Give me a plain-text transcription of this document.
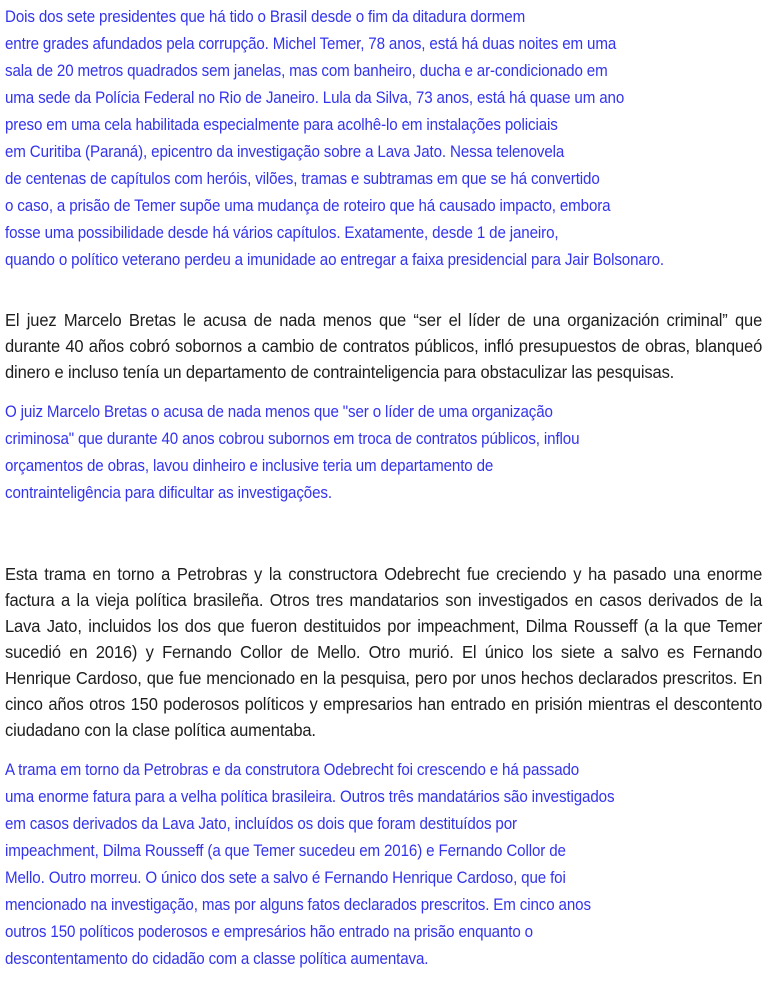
Dois dos sete presidentes que há tido o Brasil desde o fim da ditadura dormem
entre grades afundados pela corrupção. Michel Temer, 78 anos, está há duas noites em uma
sala de 20 metros quadrados sem janelas, mas com banheiro, ducha e ar-condicionado em
uma sede da Polícia Federal no Rio de Janeiro. Lula da Silva, 73 anos, está há quase um ano
preso em uma cela habilitada especialmente para acolhê-lo em instalações policiais
em Curitiba (Paraná), epicentro da investigação sobre a Lava Jato. Nessa telenovela
de centenas de capítulos com heróis, vilões, tramas e subtramas em que se há convertido
o caso, a prisão de Temer supõe uma mudança de roteiro que há causado impacto, embora
fosse uma possibilidade desde há vários capítulos. Exatamente, desde 1 de janeiro,
quando o político veterano perdeu a imunidade ao entregar a faixa presidencial para Jair Bolsonaro.

El juez Marcelo Bretas le acusa de nada menos que “ser el líder de una organización criminal” que durante 40 años cobró sobornos a cambio de contratos públicos, infló presupuestos de obras, blanqueó dinero e incluso tenía un departamento de contrainteligencia para obstaculizar las pesquisas.

O juiz Marcelo Bretas o acusa de nada menos que "ser o líder de uma organização
criminosa" que durante 40 anos cobrou subornos em troca de contratos públicos, inflou
orçamentos de obras, lavou dinheiro e inclusive teria um departamento de
contrainteligência para dificultar as investigações.

Esta trama en torno a Petrobras y la constructora Odebrecht fue creciendo y ha pasado una enorme factura a la vieja política brasileña. Otros tres mandatarios son investigados en casos derivados de la Lava Jato, incluidos los dos que fueron destituidos por impeachment, Dilma Rousseff (a la que Temer sucedió en 2016) y Fernando Collor de Mello. Otro murió. El único los siete a salvo es Fernando Henrique Cardoso, que fue mencionado en la pesquisa, pero por unos hechos declarados prescritos. En cinco años otros 150 poderosos políticos y empresarios han entrado en prisión mientras el descontento ciudadano con la clase política aumentaba.

A trama em torno da Petrobras e da construtora Odebrecht foi crescendo e há passado
uma enorme fatura para a velha política brasileira. Outros três mandatários são investigados
em casos derivados da Lava Jato, incluídos os dois que foram destituídos por
impeachment, Dilma Rousseff (a que Temer sucedeu em 2016) e Fernando Collor de
Mello. Outro morreu. O único dos sete a salvo é Fernando Henrique Cardoso, que foi
mencionado na investigação, mas por alguns fatos declarados prescritos. Em cinco anos
outros 150 políticos poderosos e empresários hão entrado na prisão enquanto o
descontentamento do cidadão com a classe política aumentava.
